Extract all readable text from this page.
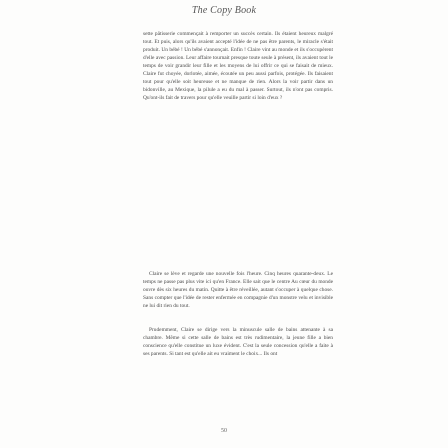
The Copy Book

sette pâtisserie commençait à remporter un succès certain. Ils étaient heureux malgré tout. Et puis, alors qu'ils avaient accepté l'idée de ne pas être parents, le miracle s'était produit. Un bébé ! Un bébé s'annonçait. Enfin ! Claire vint au monde et ils s'occupèrent d'elle avec passion. Leur affaire tournait presque toute seule à présent, ils avaient tout le temps de voir grandir leur fille et les moyens de lui offrir ce qui se faisait de mieux. Claire fut choyée, dorlotée, aimée, écoutée un peu aussi parfois, protégée. Ils faisaient tout pour qu'elle soit heureuse et ne manque de rien. Alors la voir partir dans un bidonville, au Mexique, la pilule a eu du mal à passer. Surtout, ils n'ont pas compris. Qu'ont-ils fait de travers pour qu'elle veuille partir si loin d'eux ?

Claire se lève et regarde une nouvelle fois l'heure. Cinq heures quarante-deux. Le temps ne passe pas plus vite ici qu'en France. Elle sait que le centre Au cœur du monde ouvre dès six heures du matin. Quitte à être réveillée, autant s'occuper à quelque chose. Sans compter que l'idée de rester enfermée en compagnie d'un monstre velu et invisible ne lui dit rien du tout.

Prudemment, Claire se dirige vers la minuscule salle de bains attenante à sa chambre. Même si cette salle de bains est très rudimentaire, la jeune fille a bien conscience qu'elle constitue un luxe évident. C'est la seule concession qu'elle a faite à ses parents. Si tant est qu'elle ait eu vraiment le choix... Ils ont

50
